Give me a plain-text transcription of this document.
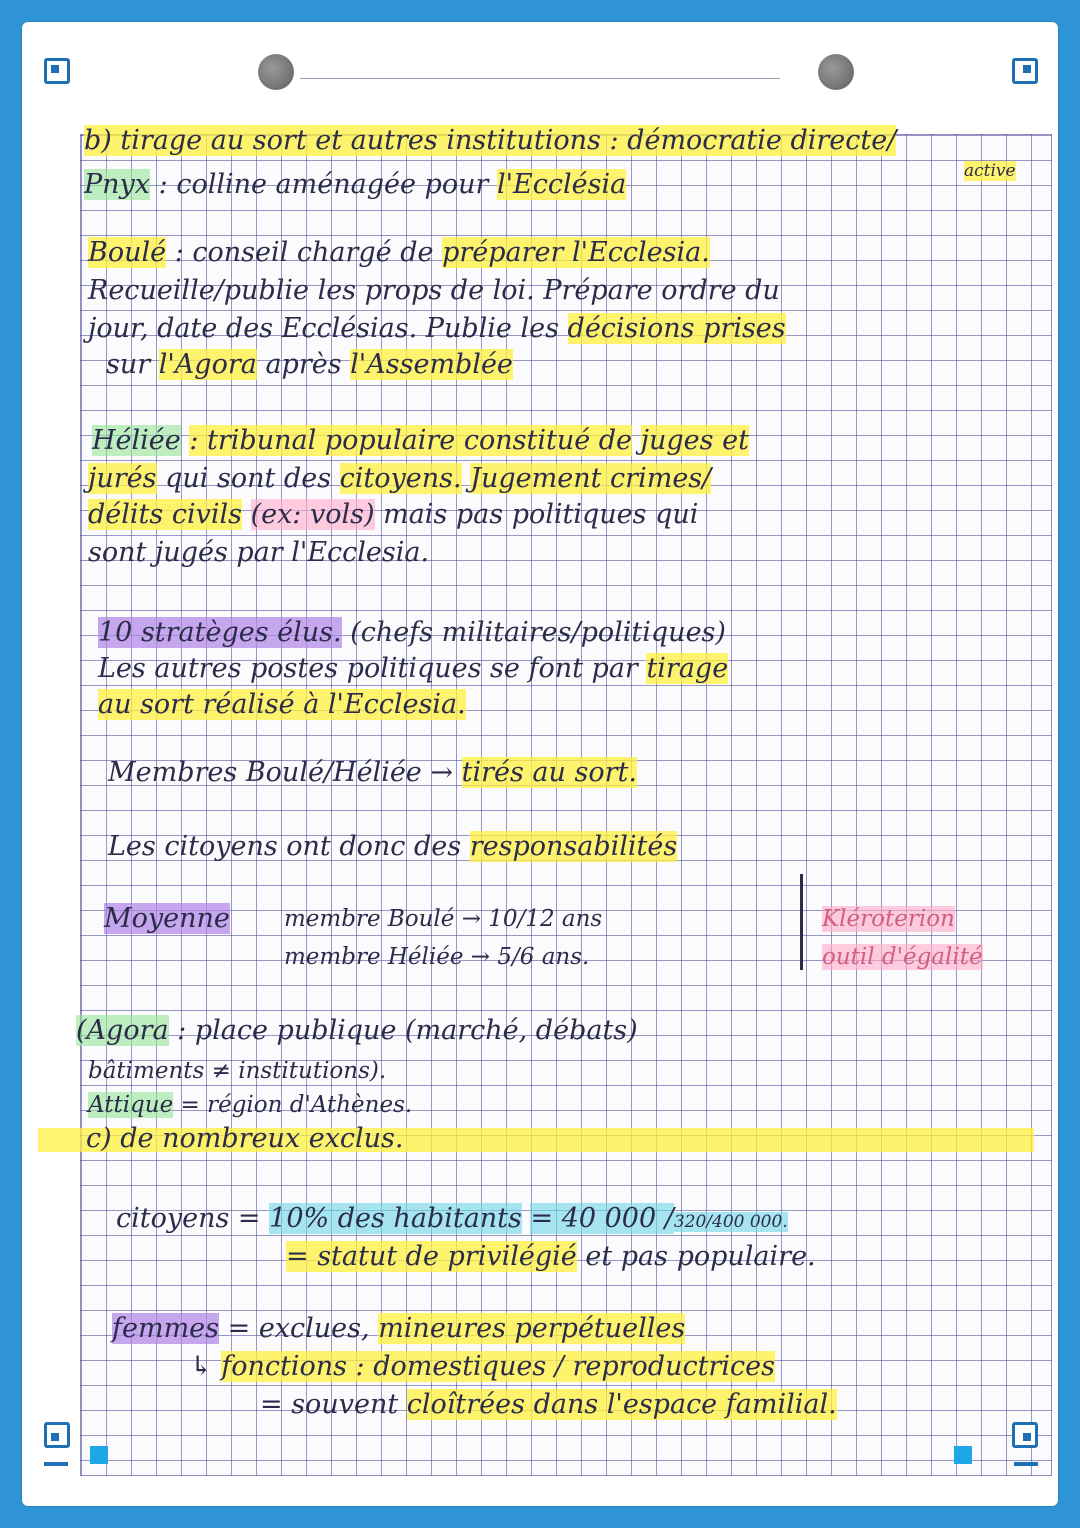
b) tirage au sort et autres institutions : démocratie directe/
active
Pnyx : colline aménagée pour l'Ecclésia
Boulé : conseil chargé de préparer l'Ecclesia.
Recueille/publie les props de loi. Prépare ordre du
jour, date des Ecclésias. Publie les décisions prises
sur l'Agora après l'Assemblée
Héliée : tribunal populaire constitué de juges et
jurés qui sont des citoyens. Jugement crimes/
délits civils (ex: vols) mais pas politiques qui
sont jugés par l'Ecclesia.
10 stratèges élus. (chefs militaires/politiques)
Les autres postes politiques se font par tirage
au sort réalisé à l'Ecclesia.
Membres Boulé/Héliée → tirés au sort.
Les citoyens ont donc des responsabilités
Moyenne membre Boulé → 10/12 ans
membre Héliée → 5/6 ans.
Kléroterion
outil d'égalité
(Agora : place publique (marché, débats)
bâtiments ≠ institutions).
Attique = région d'Athènes.
c) de nombreux exclus.
citoyens = 10% des habitants = 40 000 /320/400 000.
= statut de privilégié et pas populaire.
femmes = exclues, mineures perpétuelles
↳ fonctions : domestiques / reproductrices
= souvent cloîtrées dans l'espace familial.
